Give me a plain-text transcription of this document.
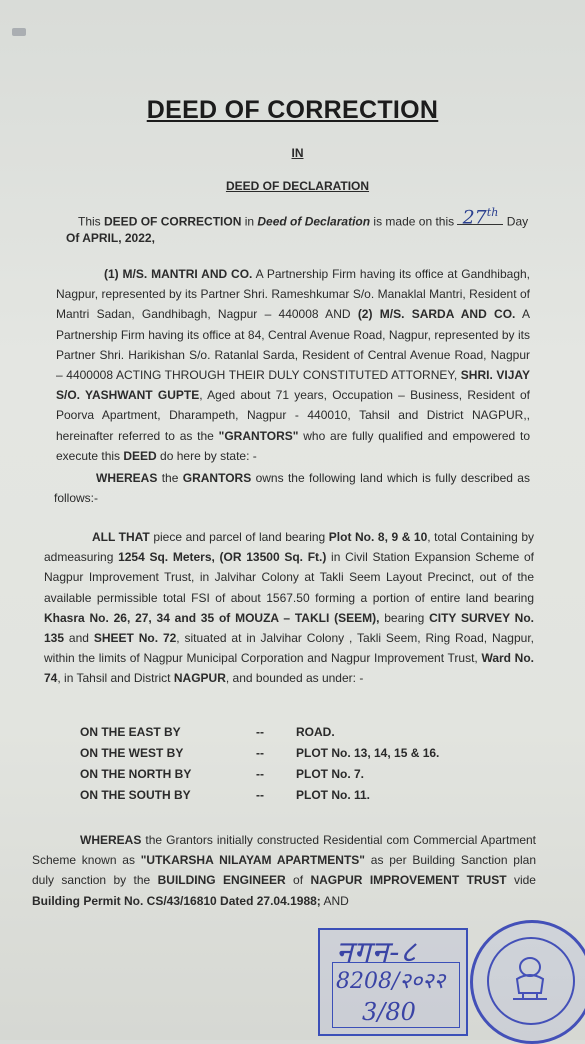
DEED OF CORRECTION
IN
DEED OF DECLARATION
This DEED OF CORRECTION in Deed of Declaration is made on this 27th Day
Of APRIL, 2022,
(1) M/S. MANTRI AND CO. A Partnership Firm having its office at Gandhibagh, Nagpur, represented by its Partner Shri. Rameshkumar S/o. Manaklal Mantri, Resident of Mantri Sadan, Gandhibagh, Nagpur – 440008 AND (2) M/S. SARDA AND CO. A Partnership Firm having its office at 84, Central Avenue Road, Nagpur, represented by its Partner Shri. Harikishan S/o. Ratanlal Sarda, Resident of Central Avenue Road, Nagpur – 4400008 ACTING THROUGH THEIR DULY CONSTITUTED ATTORNEY, SHRI. VIJAY S/O. YASHWANT GUPTE, Aged about 71 years, Occupation – Business, Resident of Poorva Apartment, Dharampeth, Nagpur - 440010, Tahsil and District NAGPUR,, hereinafter referred to as the "GRANTORS" who are fully qualified and empowered to execute this DEED do here by state: -
WHEREAS the GRANTORS owns the following land which is fully described as follows:-
ALL THAT piece and parcel of land bearing Plot No. 8, 9 & 10, total Containing by admeasuring 1254 Sq. Meters, (OR 13500 Sq. Ft.) in Civil Station Expansion Scheme of Nagpur Improvement Trust, in Jalvihar Colony at Takli Seem Layout Precinct, out of the available permissible total FSI of about 1567.50 forming a portion of entire land bearing Khasra No. 26, 27, 34 and 35 of MOUZA – TAKLI (SEEM), bearing CITY SURVEY No. 135 and SHEET No. 72, situated at in Jalvihar Colony , Takli Seem, Ring Road, Nagpur, within the limits of Nagpur Municipal Corporation and Nagpur Improvement Trust, Ward No. 74, in Tahsil and District NAGPUR, and bounded as under: -
ON THE EAST BY	--	ROAD.
ON THE WEST BY	--	PLOT No. 13, 14, 15 & 16.
ON THE NORTH BY	--	PLOT No. 7.
ON THE SOUTH BY	--	PLOT No. 11.
WHEREAS the Grantors initially constructed Residential com Commercial Apartment Scheme known as "UTKARSHA NILAYAM APARTMENTS" as per Building Sanction plan duly sanction by the BUILDING ENGINEER of NAGPUR IMPROVEMENT TRUST vide Building Permit No. CS/43/16810 Dated 27.04.1988; AND
नगन-८
8208/२०२२
3/80
